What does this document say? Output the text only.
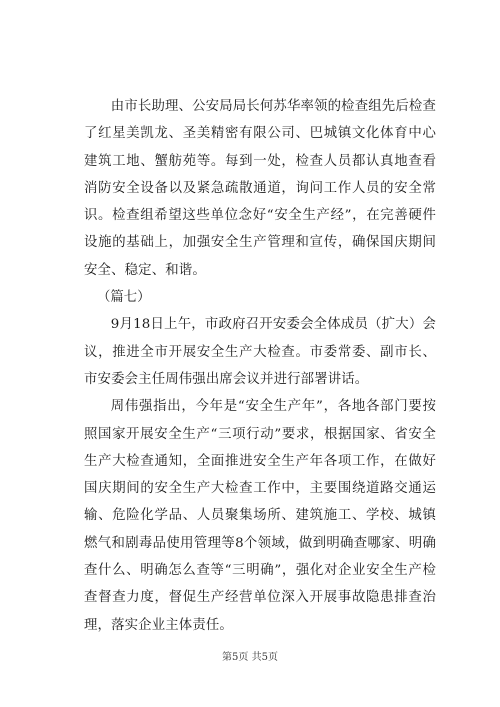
由市长助理、公安局局长何苏华率领的检查组先后检查了红星美凯龙、圣美精密有限公司、巴城镇文化体育中心建筑工地、蟹舫苑等。每到一处，检查人员都认真地查看消防安全设备以及紧急疏散通道，询问工作人员的安全常识。检查组希望这些单位念好“安全生产经”，在完善硬件设施的基础上，加强安全生产管理和宣传，确保国庆期间安全、稳定、和谐。

（篇七）

9月18日上午，市政府召开安委会全体成员（扩大）会议，推进全市开展安全生产大检查。市委常委、副市长、市安委会主任周伟强出席会议并进行部署讲话。

周伟强指出，今年是“安全生产年”，各地各部门要按照国家开展安全生产“三项行动”要求，根据国家、省安全生产大检查通知，全面推进安全生产年各项工作，在做好国庆期间的安全生产大检查工作中，主要围绕道路交通运输、危险化学品、人员聚集场所、建筑施工、学校、城镇燃气和剧毒品使用管理等8个领域，做到明确查哪家、明确查什么、明确怎么查等“三明确”，强化对企业安全生产检查督查力度，督促生产经营单位深入开展事故隐患排查治理，落实企业主体责任。

第5页 共5页
